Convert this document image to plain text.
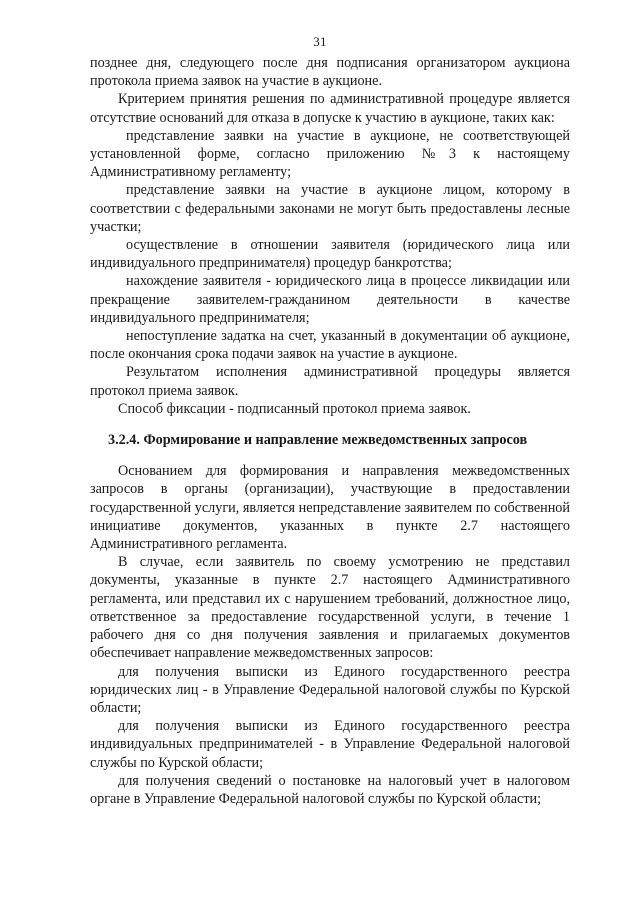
31

позднее дня, следующего после дня подписания организатором аукциона протокола приема заявок на участие в аукционе.

Критерием принятия решения по административной процедуре является отсутствие оснований для отказа в допуске к участию в аукционе, таких как:

представление заявки на участие в аукционе, не соответствующей установленной форме, согласно приложению №3 к настоящему Административному регламенту;

представление заявки на участие в аукционе лицом, которому в соответствии с федеральными законами не могут быть предоставлены лесные участки;

осуществление в отношении заявителя (юридического лица или индивидуального предпринимателя) процедур банкротства;

нахождение заявителя - юридического лица в процессе ликвидации или прекращение заявителем-гражданином деятельности в качестве индивидуального предпринимателя;

непоступление задатка на счет, указанный в документации об аукционе, после окончания срока подачи заявок на участие в аукционе.

Результатом исполнения административной процедуры является протокол приема заявок.

Способ фиксации - подписанный протокол приема заявок.

3.2.4. Формирование и направление межведомственных запросов

Основанием для формирования и направления межведомственных запросов в органы (организации), участвующие в предоставлении государственной услуги, является непредставление заявителем по собственной инициативе документов, указанных в пункте 2.7 настоящего Административного регламента.

В случае, если заявитель по своему усмотрению не представил документы, указанные в пункте 2.7 настоящего Административного регламента, или представил их с нарушением требований, должностное лицо, ответственное за предоставление государственной услуги, в течение 1 рабочего дня со дня получения заявления и прилагаемых документов обеспечивает направление межведомственных запросов:

для получения выписки из Единого государственного реестра юридических лиц - в Управление Федеральной налоговой службы по Курской области;

для получения выписки из Единого государственного реестра индивидуальных предпринимателей - в Управление Федеральной налоговой службы по Курской области;

для получения сведений о постановке на налоговый учет в налоговом органе в Управление Федеральной налоговой службы по Курской области;
